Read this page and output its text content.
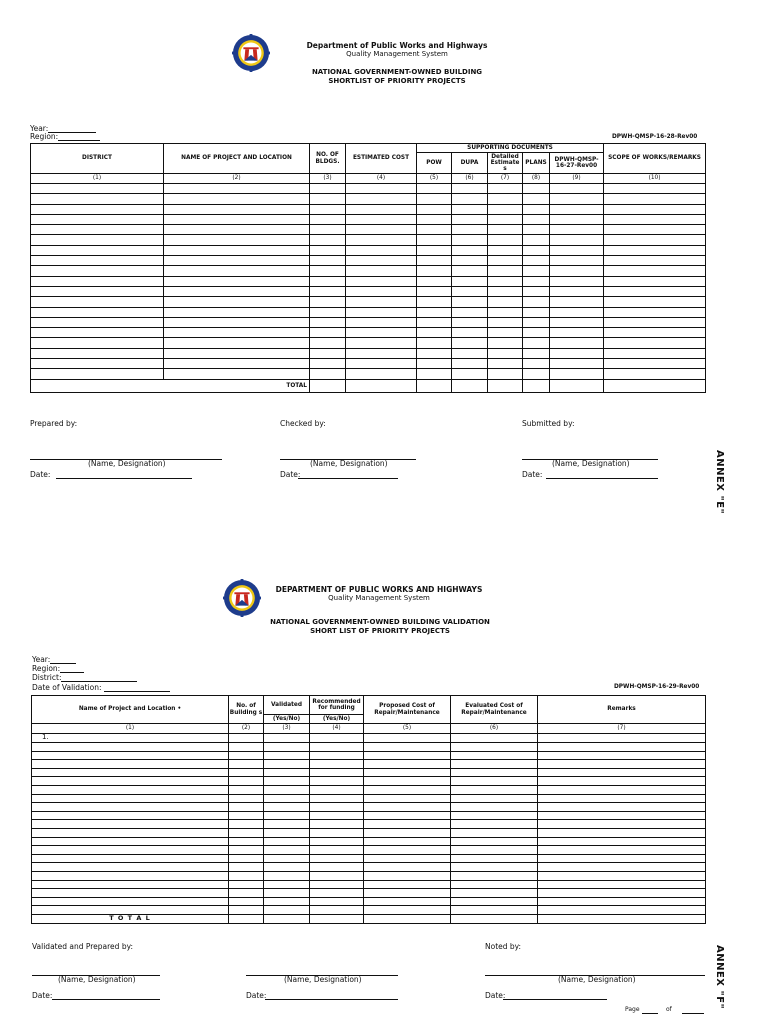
Department of Public Works and Highways
Quality Management System
NATIONAL GOVERNMENT-OWNED BUILDING
SHORTLIST OF PRIORITY PROJECTS
Year:
Region:	DPWH-QMSP-16-28-Rev00
DISTRICT	NAME OF PROJECT AND LOCATION	NO. OF BLDGS.	ESTIMATED COST	SUPPORTING DOCUMENTS					SCOPE OF WORKS/REMARKS
				POW	DUPA	Detailed Estimate s	PLANS	DPWH-QMSP-16-27-Rev00	
(1)	(2)	(3)	(4)	(5)	(6)	(7)	(8)	(9)	(10)

TOTAL									
Prepared by:	Checked by:	Submitted by:
(Name, Designation)	(Name, Designation)	(Name, Designation)
Date:	Date:	Date:	ANNEX "E"
DEPARTMENT OF PUBLIC WORKS AND HIGHWAYS
Quality Management System
NATIONAL GOVERNMENT-OWNED BUILDING VALIDATION
SHORT LIST OF PRIORITY PROJECTS
Year:
Region:
District:
Date of Validation:	DPWH-QMSP-16-29-Rev00
Name of Project and Location •	No. of Building s	Validated	Recommended for funding	Proposed Cost of Repair/Maintenance	Evaluated Cost of Repair/Maintenance	Remarks
		(Yes/No)	(Yes/No)			
(1)	(2)	(3)	(4)	(5)	(6)	(7)
1.						

T O T A L						
Validated and Prepared by:	Noted by:
(Name, Designation)	(Name, Designation)	(Name, Designation)
Date:	Date:	Date:
Page	of
ANNEX "F"
